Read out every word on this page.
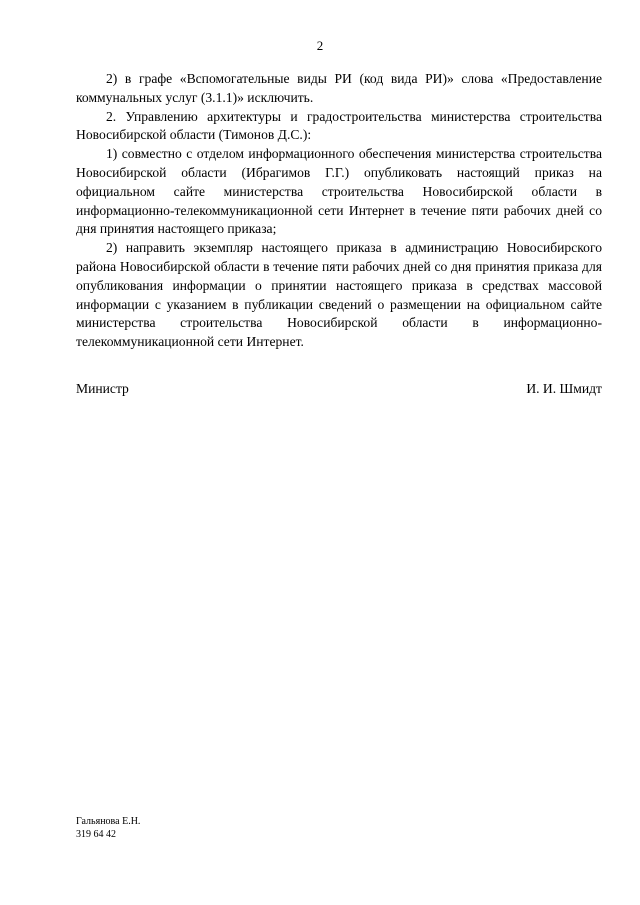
2

2) в графе «Вспомогательные виды РИ (код вида РИ)» слова «Предоставление коммунальных услуг (3.1.1)» исключить.

2. Управлению архитектуры и градостроительства министерства строительства Новосибирской области (Тимонов Д.С.):

1) совместно с отделом информационного обеспечения министерства строительства Новосибирской области (Ибрагимов Г.Г.) опубликовать настоящий приказ на официальном сайте министерства строительства Новосибирской области в информационно-телекоммуникационной сети Интернет в течение пяти рабочих дней со дня принятия настоящего приказа;

2) направить экземпляр настоящего приказа в администрацию Новосибирского района Новосибирской области в течение пяти рабочих дней со дня принятия приказа для опубликования информации о принятии настоящего приказа в средствах массовой информации с указанием в публикации сведений о размещении на официальном сайте министерства строительства Новосибирской области в информационно-телекоммуникационной сети Интернет.

Министр	И. И. Шмидт
Гальянова Е.Н.
319 64 42
